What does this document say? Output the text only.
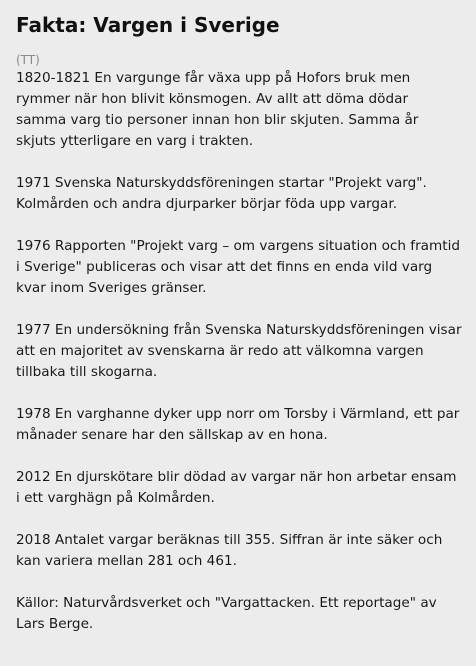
Fakta: Vargen i Sverige
(TT)

1820-1821 En vargunge får växa upp på Hofors bruk men rymmer när hon blivit könsmogen. Av allt att döma dödar samma varg tio personer innan hon blir skjuten. Samma år skjuts ytterligare en varg i trakten.

1971 Svenska Naturskyddsföreningen startar "Projekt varg". Kolmården och andra djurparker börjar föda upp vargar.

1976 Rapporten "Projekt varg – om vargens situation och framtid i Sverige" publiceras och visar att det finns en enda vild varg kvar inom Sveriges gränser.

1977 En undersökning från Svenska Naturskyddsföreningen visar att en majoritet av svenskarna är redo att välkomna vargen tillbaka till skogarna.

1978 En varghanne dyker upp norr om Torsby i Värmland, ett par månader senare har den sällskap av en hona.

2012 En djurskötare blir dödad av vargar när hon arbetar ensam i ett varghägn på Kolmården.

2018 Antalet vargar beräknas till 355. Siffran är inte säker och kan variera mellan 281 och 461.

Källor: Naturvårdsverket och "Vargattacken. Ett reportage" av Lars Berge.
